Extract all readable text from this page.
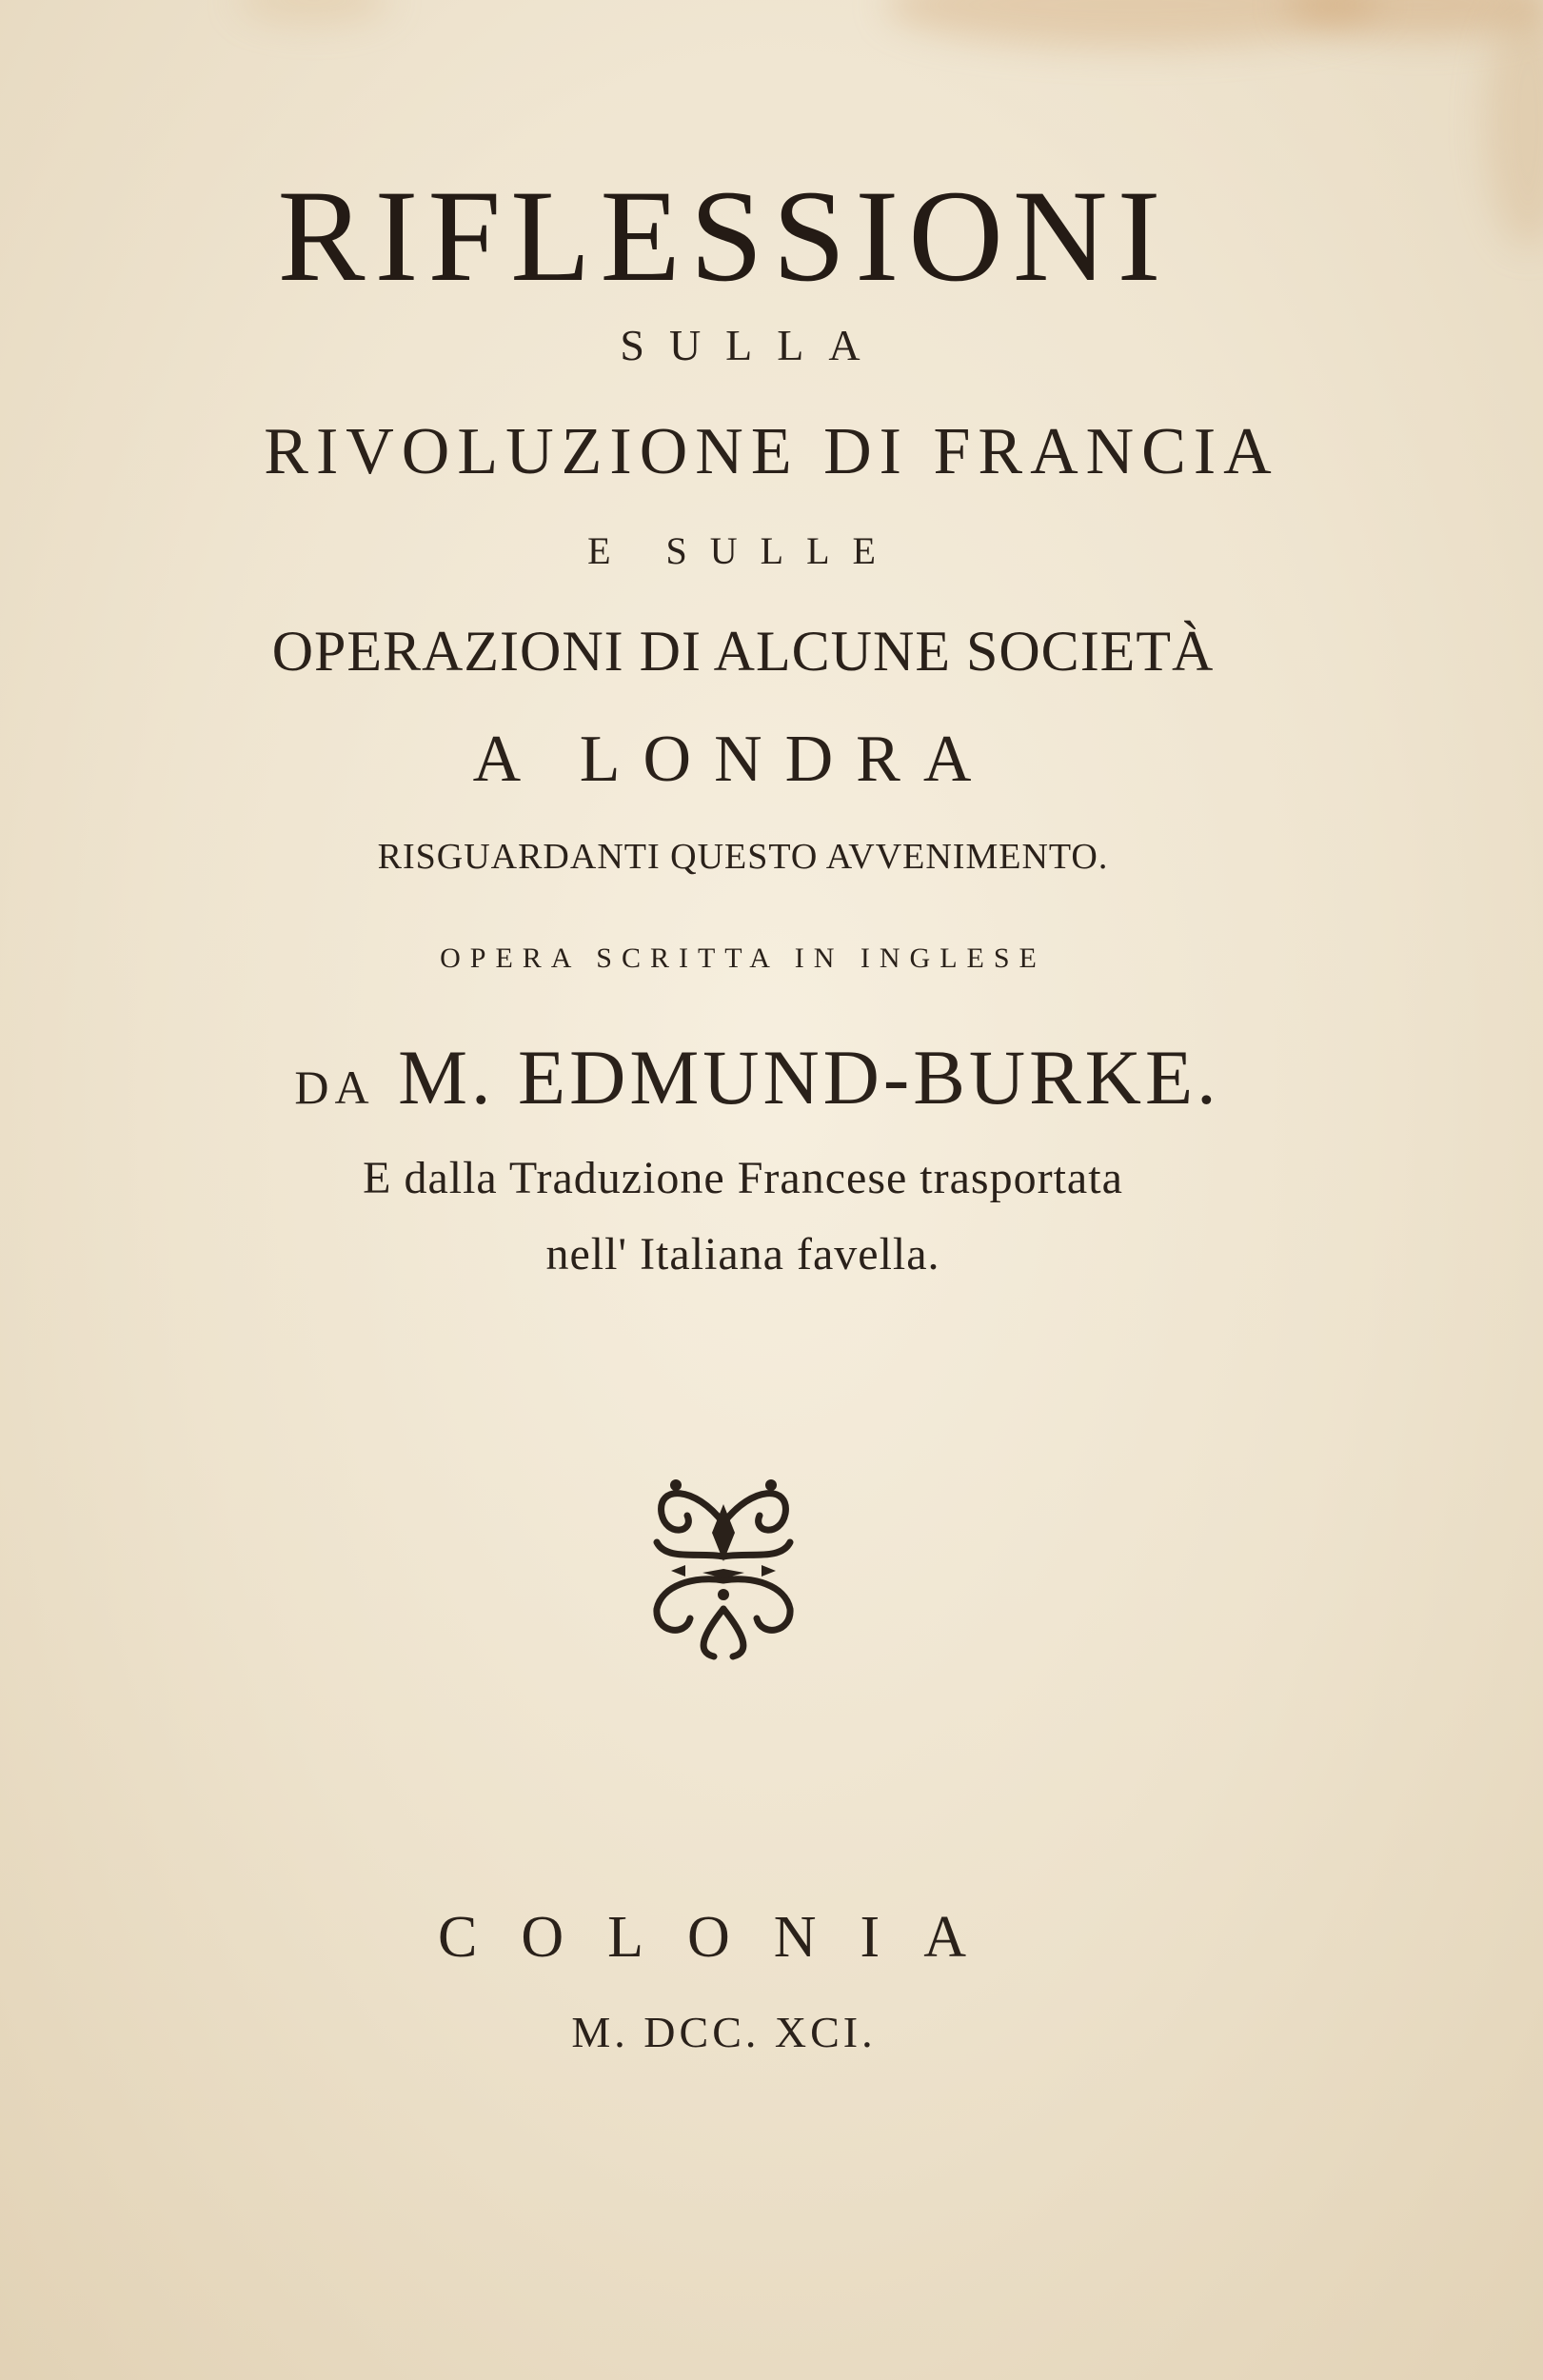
RIFLESSIONI
SULLA
RIVOLUZIONE DI FRANCIA
E SULLE
OPERAZIONI DI ALCUNE SOCIETÀ
A LONDRA
RISGUARDANTI QUESTO AVVENIMENTO.
OPERA SCRITTA IN INGLESE
DA M. EDMUND-BURKE.
E dalla Traduzione Francese trasportata
nell' Italiana favella.
COLONIA
M. DCC. XCI.
